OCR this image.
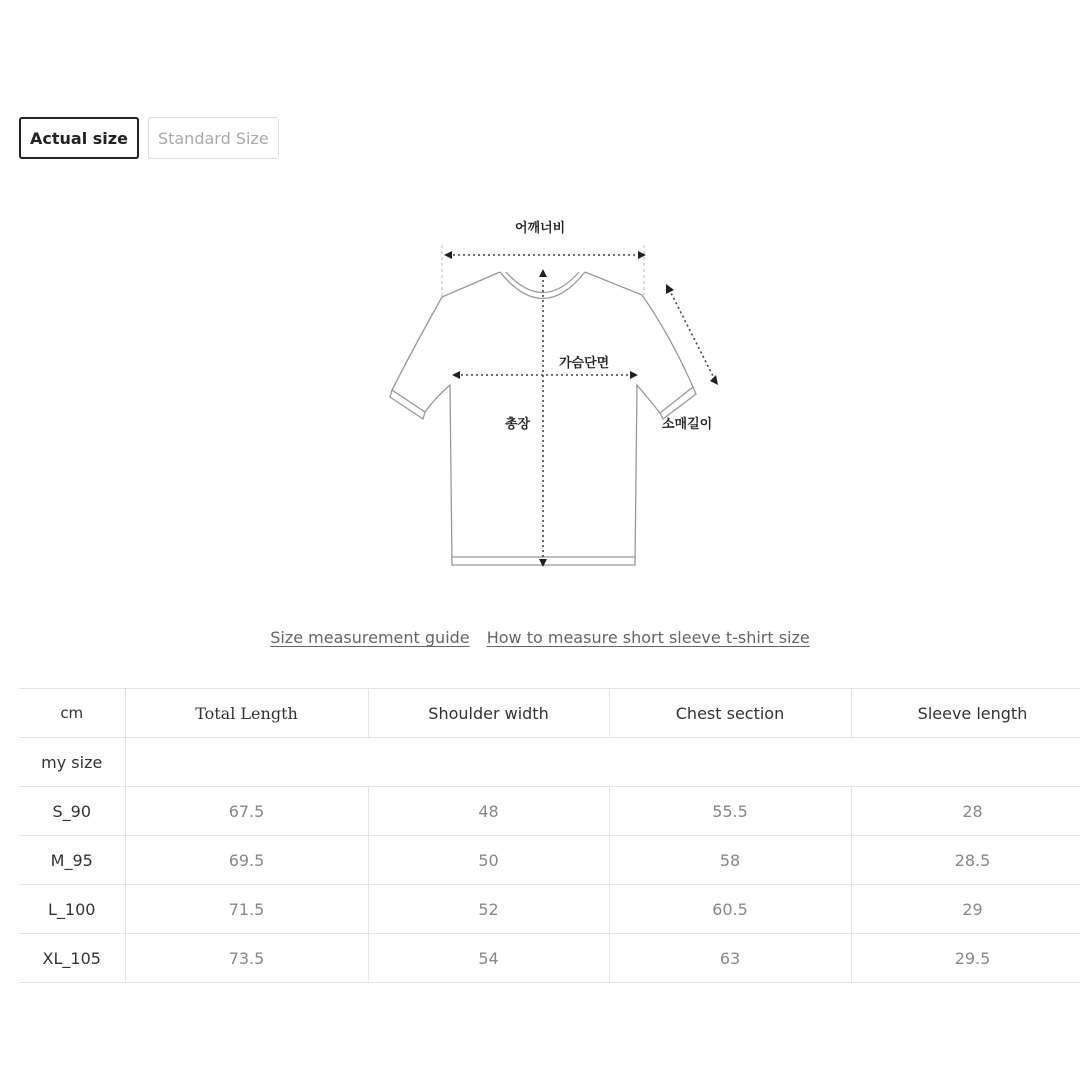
Actual size	Standard Size
어깨너비
가슴단면
총장	소매길이
Size measurement guide How to measure short sleeve t-shirt size
cm	Total Length	Shoulder width	Chest section	Sleeve length
my size				
S_90	67.5	48	55.5	28
M_95	69.5	50	58	28.5
L_100	71.5	52	60.5	29
XL_105	73.5	54	63	29.5
